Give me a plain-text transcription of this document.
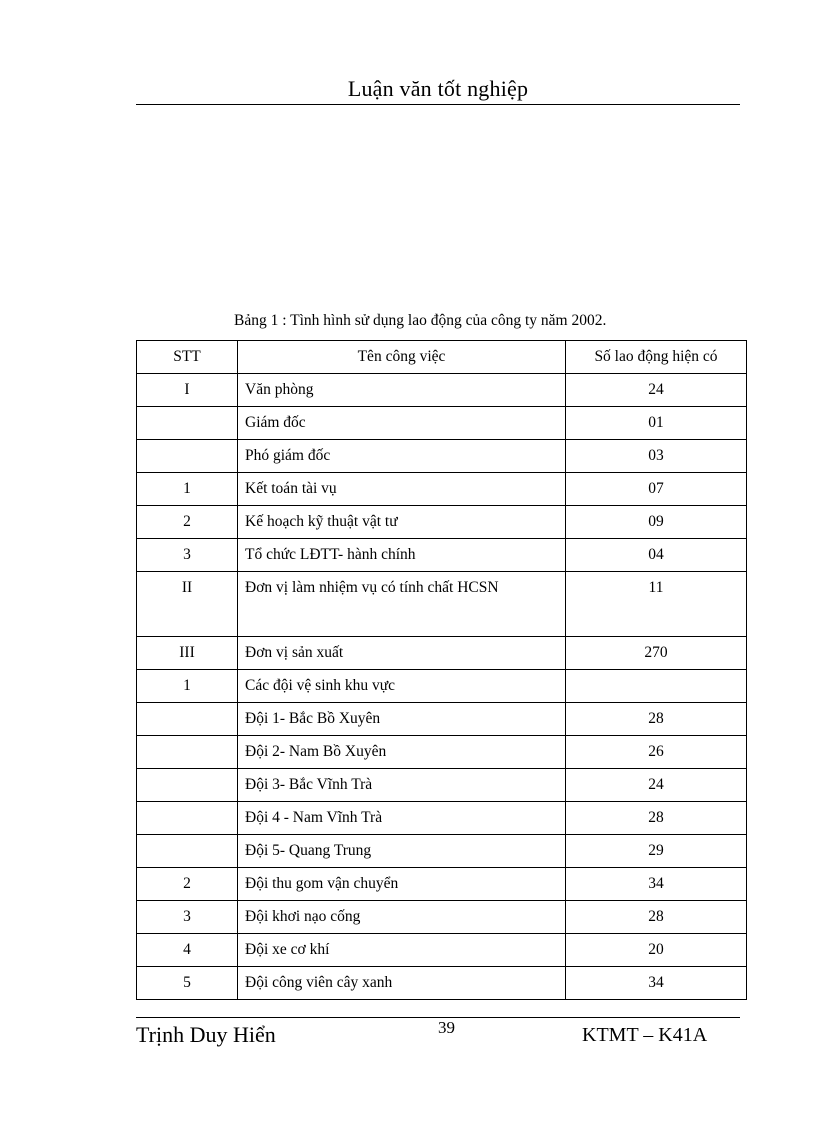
Luận văn tốt nghiệp
Bảng 1 : Tình hình sử dụng lao động của công ty năm 2002.
STT	Tên công việc	Số lao động hiện có
I	Văn phòng	24
	Giám đốc	01
	Phó giám đốc	03
1	Kết toán tài vụ	07
2	Kế hoạch kỹ thuật vật tư	09
3	Tổ chức LĐTT- hành chính	04
II	Đơn vị làm nhiệm vụ có tính chất HCSN	11
III	Đơn vị sản xuất	270
1	Các đội vệ sinh khu vực	
	Đội 1- Bắc Bồ Xuyên	28
	Đội 2- Nam Bồ Xuyên	26
	Đội 3- Bắc Vĩnh Trà	24
	Đội 4 - Nam Vĩnh Trà	28
	Đội 5- Quang Trung	29
2	Đội thu gom vận chuyển	34
3	Đội khơi nạo cống	28
4	Đội xe cơ khí	20
5	Đội công viên cây xanh	34
Trịnh Duy Hiển	39	KTMT – K41A
